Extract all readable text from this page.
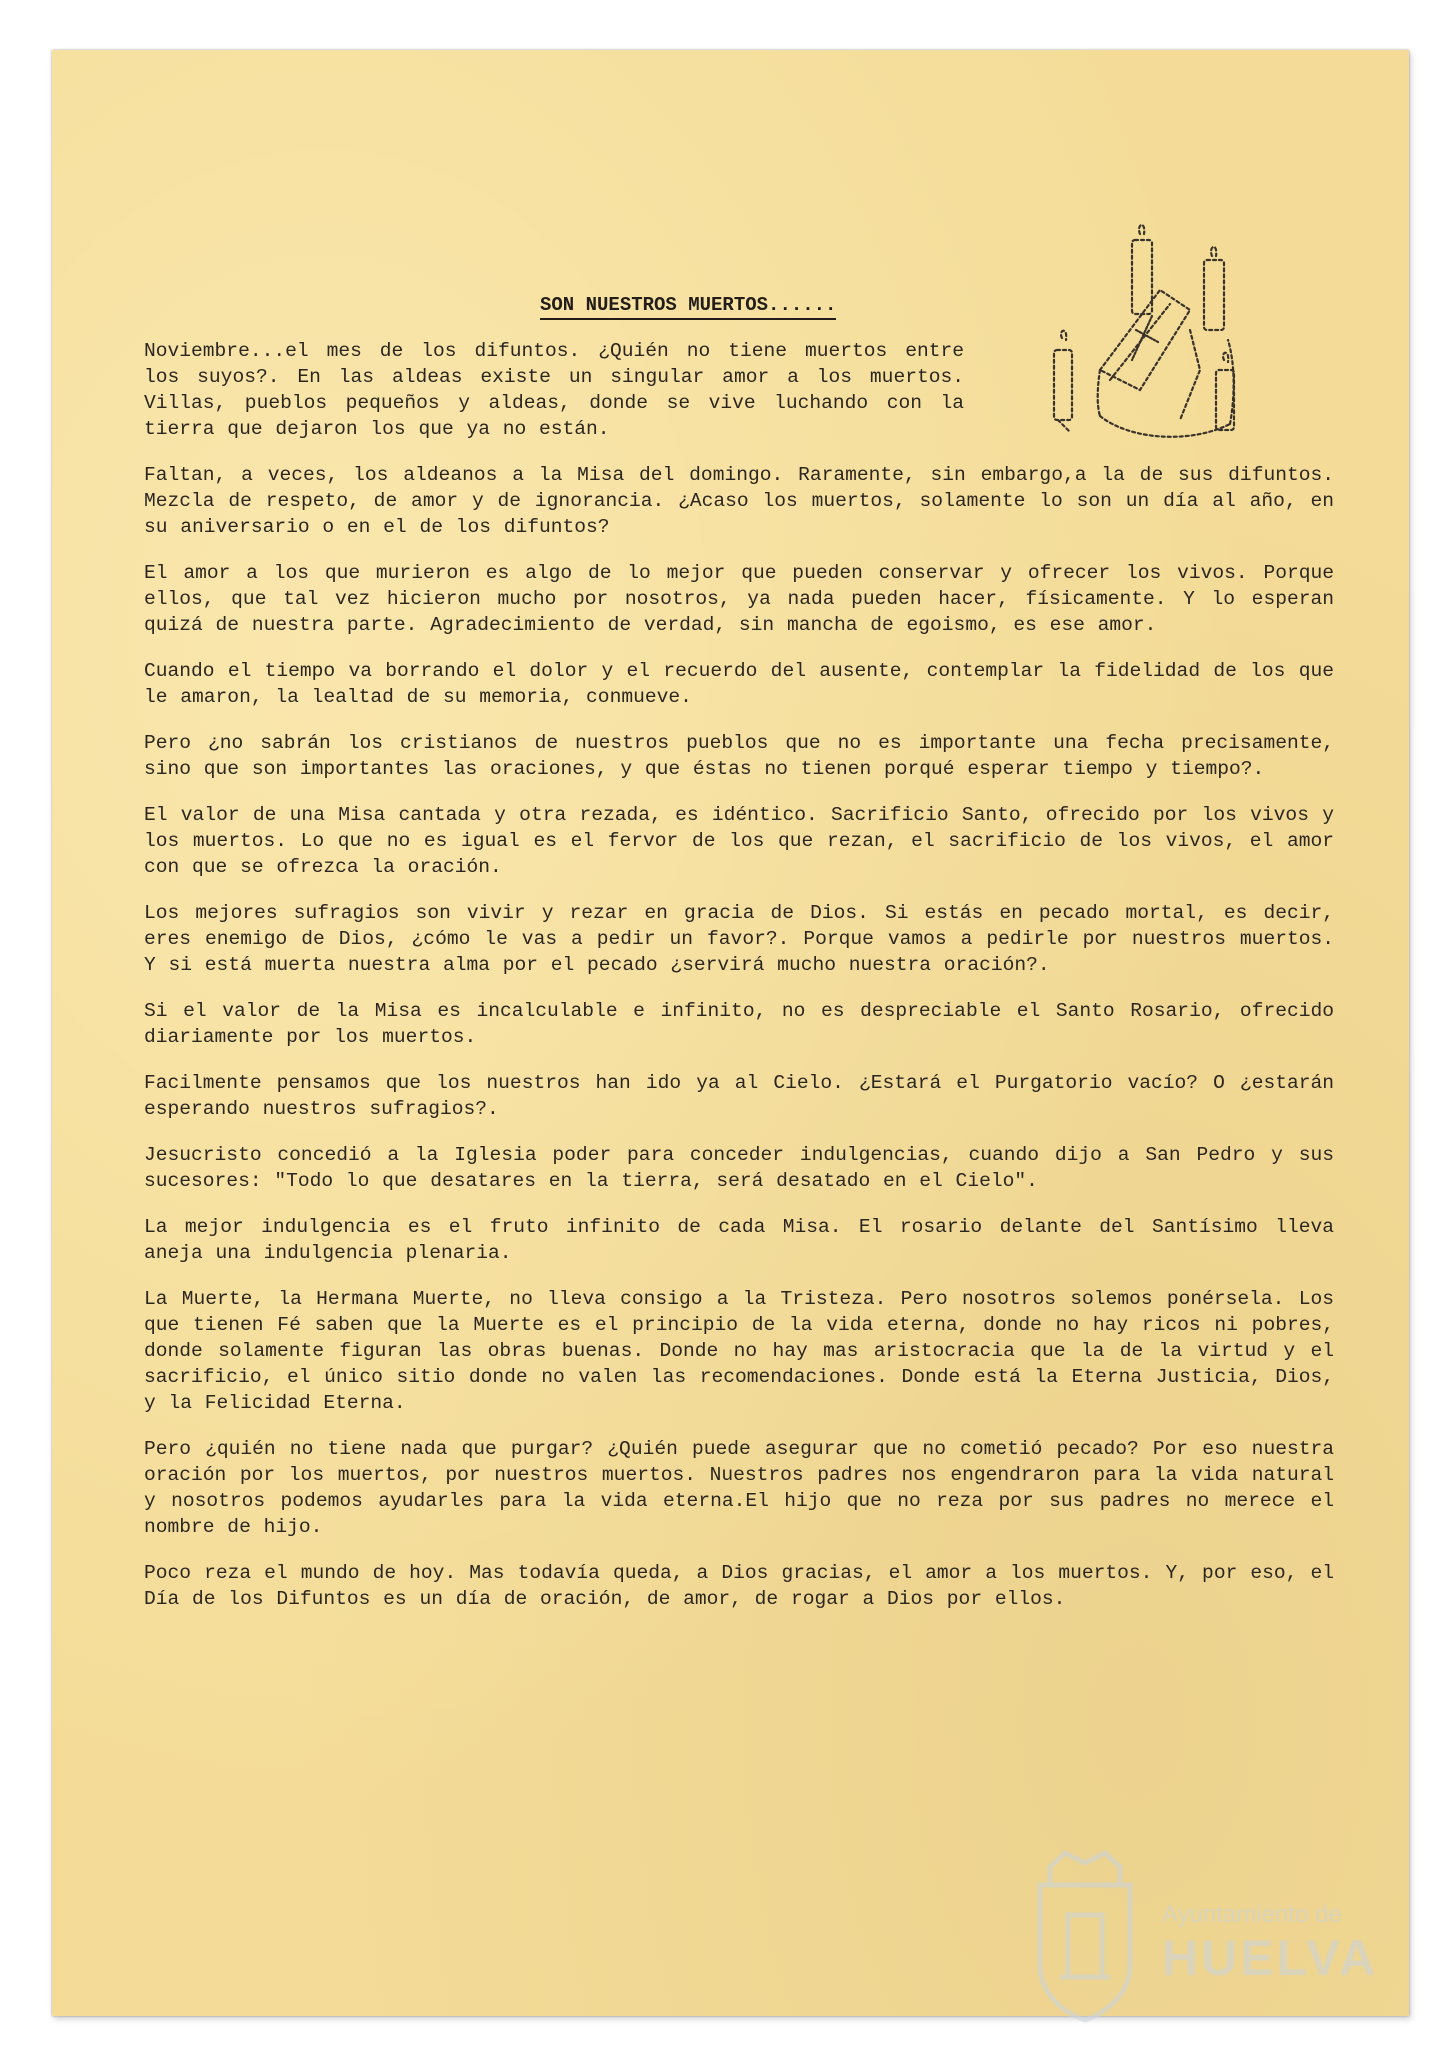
SON NUESTROS MUERTOS......

Noviembre...el mes de los difuntos. ¿Quién no tiene muertos entre los suyos?. En las aldeas existe un singular amor a los muertos. Villas, pueblos pequeños y aldeas, donde se vive luchando con la tierra que dejaron los que ya no están.

Faltan, a veces, los aldeanos a la Misa del domingo. Raramente, sin embargo,a la de sus difuntos. Mezcla de respeto, de amor y de ignorancia. ¿Acaso los muertos, solamente lo son un día al año, en su aniversario o en el de los difuntos?

El amor a los que murieron es algo de lo mejor que pueden conservar y ofrecer los vivos. Porque ellos, que tal vez hicieron mucho por nosotros, ya nada pueden hacer, físicamente. Y lo esperan quizá de nuestra parte. Agradecimiento de verdad, sin mancha de egoismo, es ese amor.

Cuando el tiempo va borrando el dolor y el recuerdo del ausente, contemplar la fidelidad de los que le amaron, la lealtad de su memoria, conmueve.

Pero ¿no sabrán los cristianos de nuestros pueblos que no es importante una fecha precisamente, sino que son importantes las oraciones, y que éstas no tienen porqué esperar tiempo y tiempo?.

El valor de una Misa cantada y otra rezada, es idéntico. Sacrificio Santo, ofrecido por los vivos y los muertos. Lo que no es igual es el fervor de los que rezan, el sacrificio de los vivos, el amor con que se ofrezca la oración.

Los mejores sufragios son vivir y rezar en gracia de Dios. Si estás en pecado mortal, es decir, eres enemigo de Dios, ¿cómo le vas a pedir un favor?. Porque vamos a pedirle por nuestros muertos. Y si está muerta nuestra alma por el pecado ¿servirá mucho nuestra oración?.

Si el valor de la Misa es incalculable e infinito, no es despreciable el Santo Rosario, ofrecido diariamente por los muertos.

Facilmente pensamos que los nuestros han ido ya al Cielo. ¿Estará el Purgatorio vacío? O ¿estarán esperando nuestros sufragios?.

Jesucristo concedió a la Iglesia poder para conceder indulgencias, cuando dijo a San Pedro y sus sucesores: "Todo lo que desatares en la tierra, será desatado en el Cielo".

La mejor indulgencia es el fruto infinito de cada Misa. El rosario delante del Santísimo lleva aneja una indulgencia plenaria.

La Muerte, la Hermana Muerte, no lleva consigo a la Tristeza. Pero nosotros solemos ponérsela. Los que tienen Fé saben que la Muerte es el principio de la vida eterna, donde no hay ricos ni pobres, donde solamente figuran las obras buenas. Donde no hay mas aristocracia que la de la virtud y el sacrificio, el único sitio donde no valen las recomendaciones. Donde está la Eterna Justicia, Dios, y la Felicidad Eterna.

Pero ¿quién no tiene nada que purgar? ¿Quién puede asegurar que no cometió pecado? Por eso nuestra oración por los muertos, por nuestros muertos. Nuestros padres nos engendraron para la vida natural y nosotros podemos ayudarles para la vida eterna.El hijo que no reza por sus padres no merece el nombre de hijo.

Poco reza el mundo de hoy. Mas todavía queda, a Dios gracias, el amor a los muertos. Y, por eso, el Día de los Difuntos es un día de oración, de amor, de rogar a Dios por ellos.

Ayuntamiento de
HUELVA
